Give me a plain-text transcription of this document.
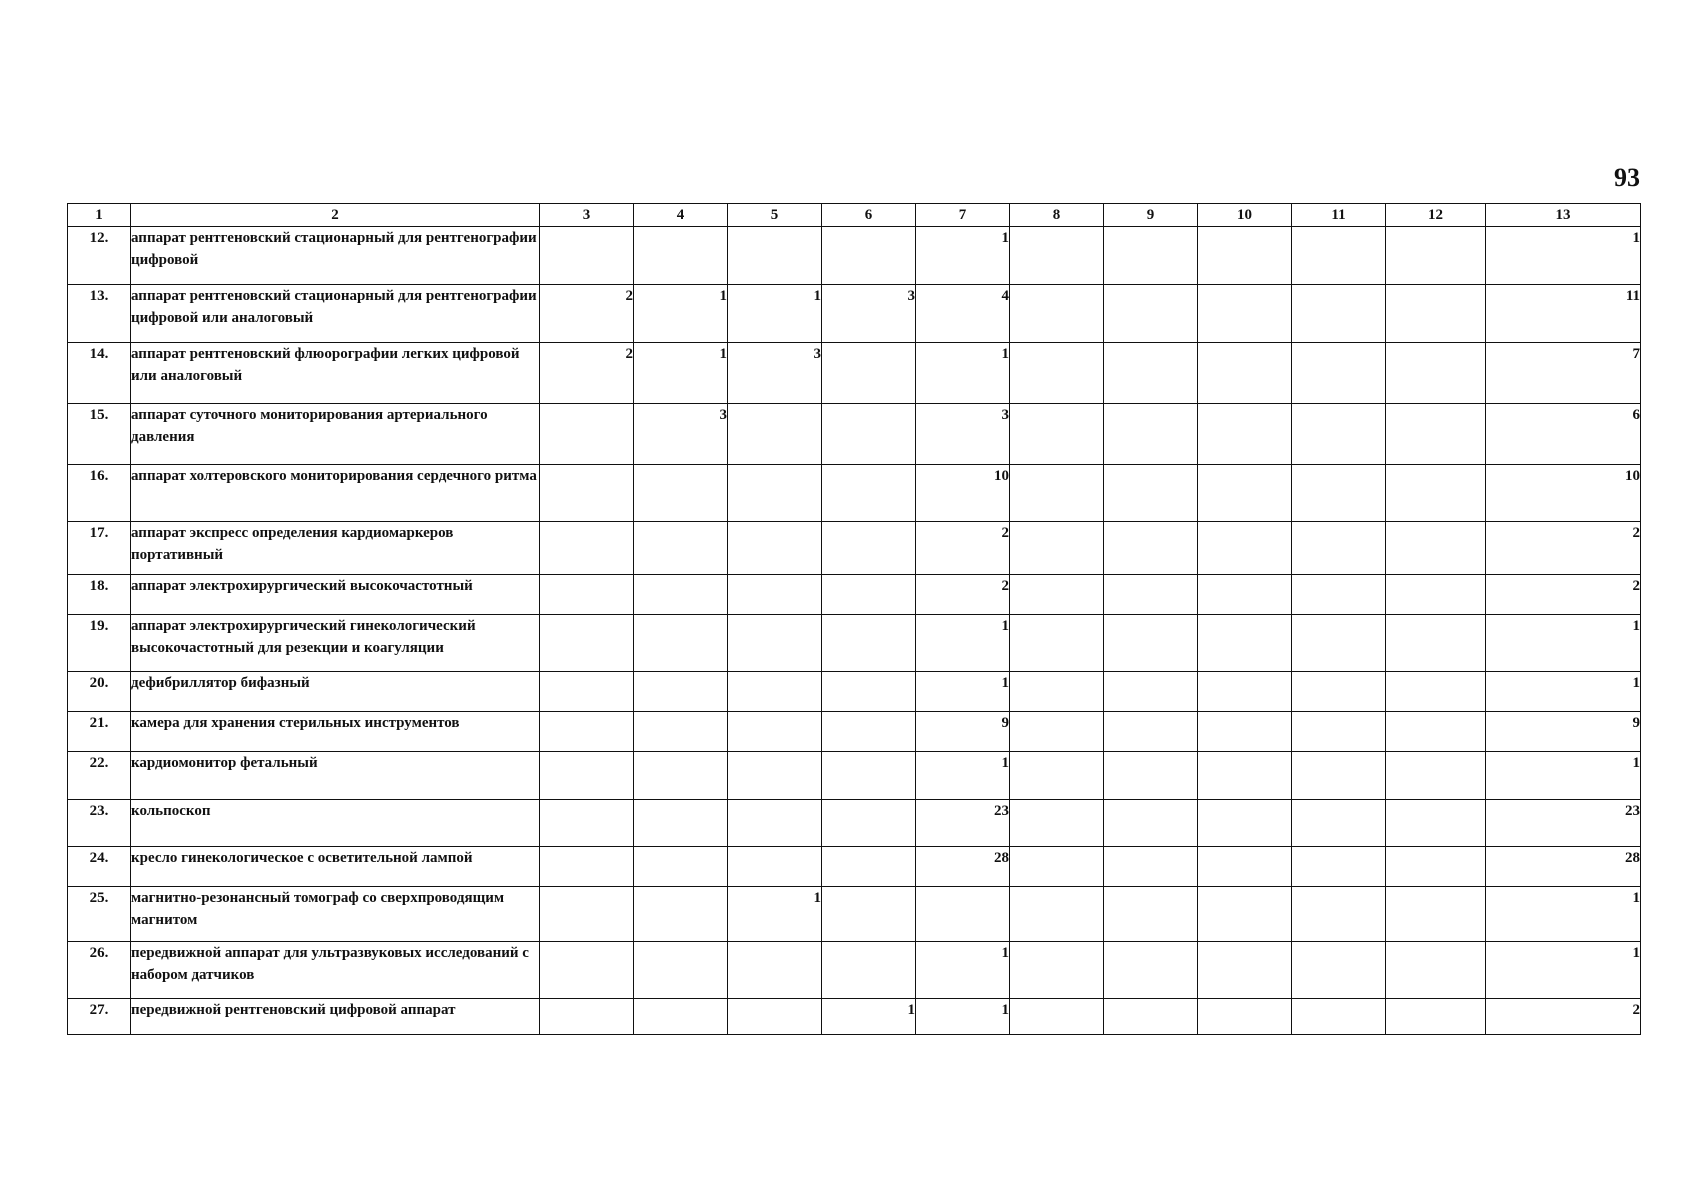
93
1	2	3	4	5	6	7	8	9	10	11	12	13
12.	аппарат рентгеновский стационарный для рентгенографии цифровой					1						1
13.	аппарат рентгеновский стационарный для рентгенографии цифровой или аналоговый	2	1	1	3	4						11
14.	аппарат рентгеновский флюорографии легких цифровой или аналоговый	2	1	3		1						7
15.	аппарат суточного мониторирования артериального давления		3			3						6
16.	аппарат холтеровского мониторирования сердечного ритма					10						10
17.	аппарат экспресс определения кардиомаркеров портативный					2						2
18.	аппарат электрохирургический высокочастотный					2						2
19.	аппарат электрохирургический гинекологический высокочастотный для резекции и коагуляции					1						1
20.	дефибриллятор бифазный					1						1
21.	камера для хранения стерильных инструментов					9						9
22.	кардиомонитор фетальный					1						1
23.	кольпоскоп					23						23
24.	кресло гинекологическое с осветительной лампой					28						28
25.	магнитно-резонансный томограф со сверхпроводящим магнитом			1								1
26.	передвижной аппарат для ультразвуковых исследований с набором датчиков					1						1
27.	передвижной рентгеновский цифровой аппарат				1	1						2
